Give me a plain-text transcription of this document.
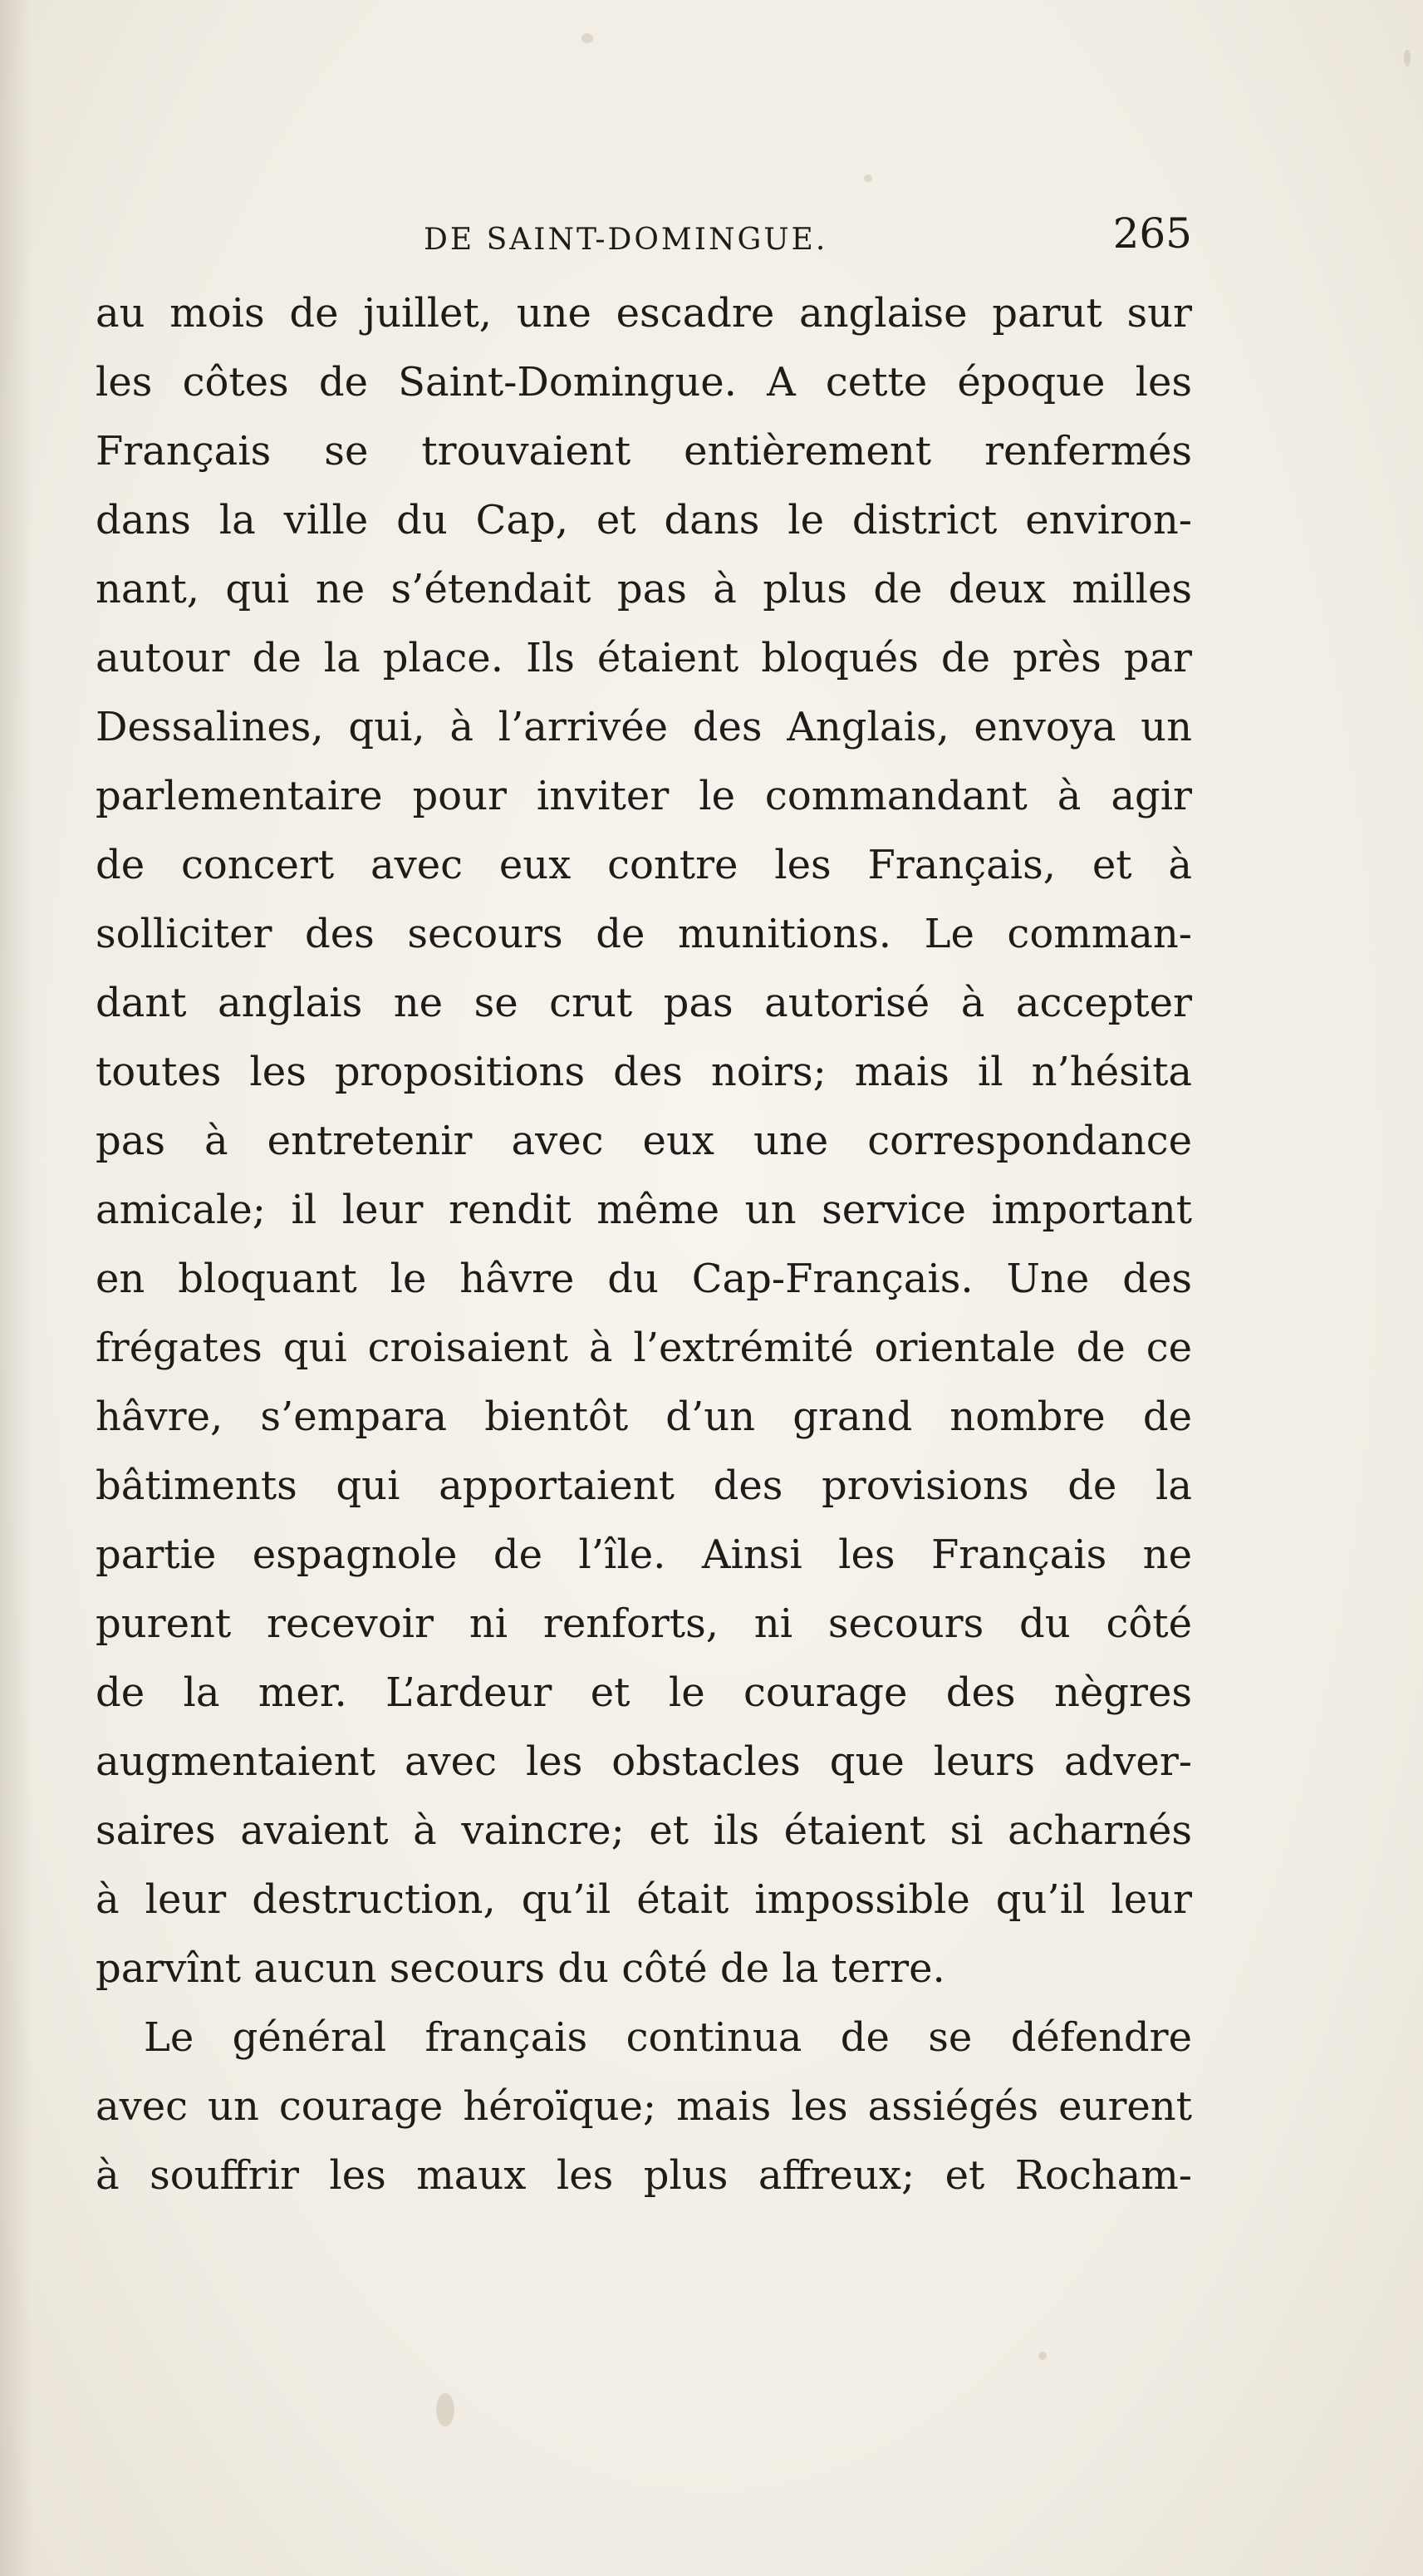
DE SAINT-DOMINGUE.	265
au mois de juillet, une escadre anglaise parut sur
les côtes de Saint-Domingue. A cette époque les
Français se trouvaient entièrement renfermés
dans la ville du Cap, et dans le district environ-
nant, qui ne s’étendait pas à plus de deux milles
autour de la place. Ils étaient bloqués de près par
Dessalines, qui, à l’arrivée des Anglais, envoya un
parlementaire pour inviter le commandant à agir
de concert avec eux contre les Français, et à
solliciter des secours de munitions. Le comman-
dant anglais ne se crut pas autorisé à accepter
toutes les propositions des noirs; mais il n’hésita
pas à entretenir avec eux une correspondance
amicale; il leur rendit même un service important
en bloquant le hâvre du Cap-Français. Une des
frégates qui croisaient à l’extrémité orientale de ce
hâvre, s’empara bientôt d’un grand nombre de
bâtiments qui apportaient des provisions de la
partie espagnole de l’île. Ainsi les Français ne
purent recevoir ni renforts, ni secours du côté
de la mer. L’ardeur et le courage des nègres
augmentaient avec les obstacles que leurs adver-
saires avaient à vaincre; et ils étaient si acharnés
à leur destruction, qu’il était impossible qu’il leur
parvînt aucun secours du côté de la terre.
Le général français continua de se défendre
avec un courage héroïque; mais les assiégés eurent
à souffrir les maux les plus affreux; et Rocham-
